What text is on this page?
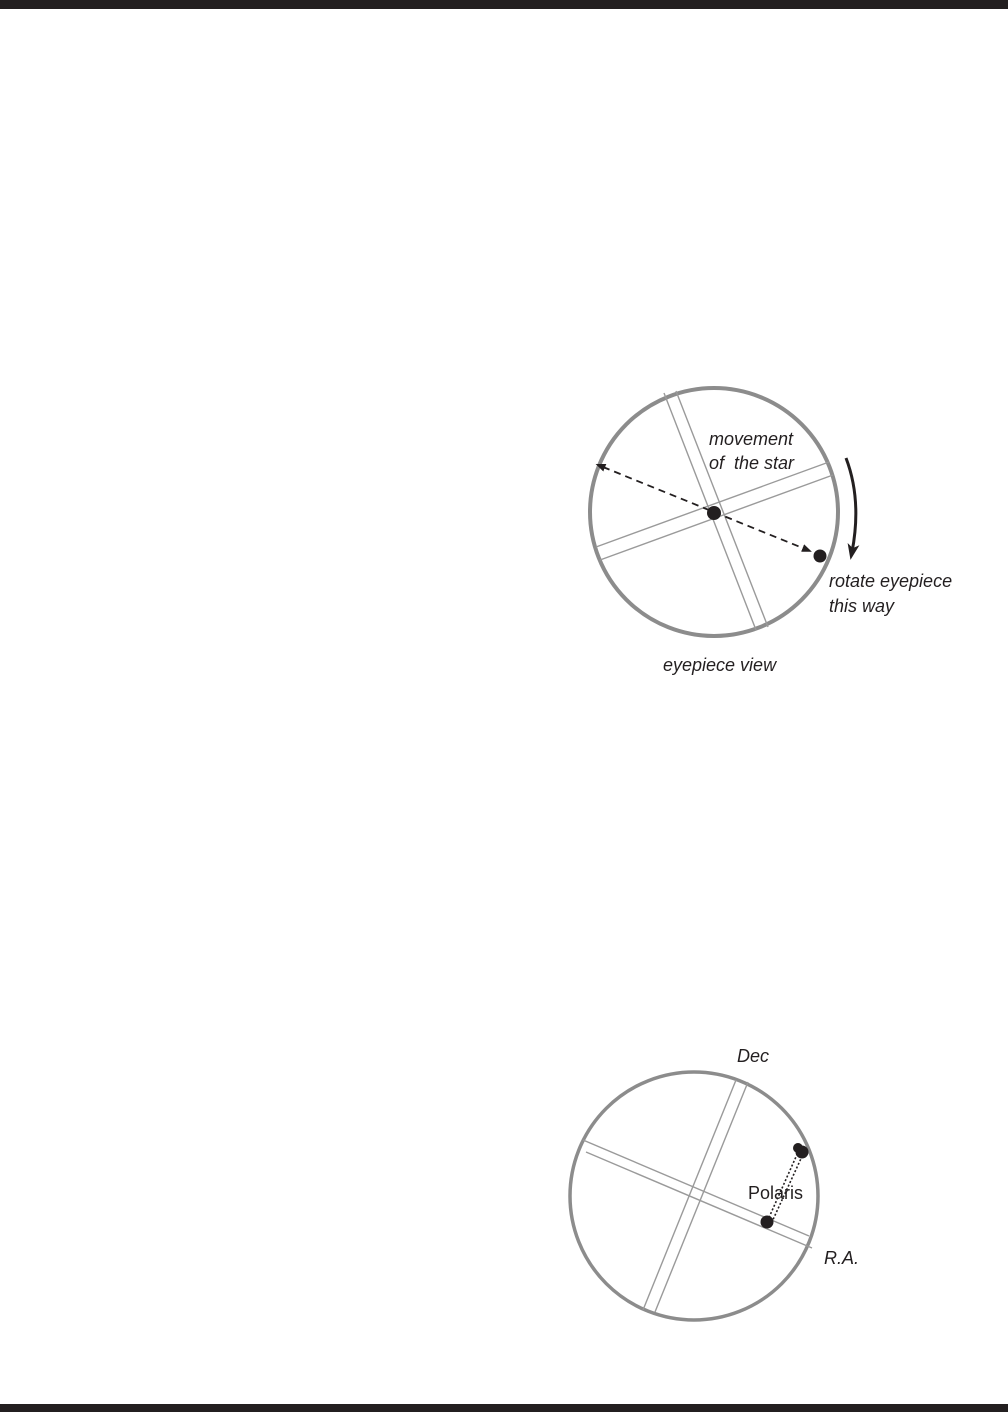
movement
of  the star
rotate eyepiece
this way
eyepiece view
Dec
Polaris
R.A.
